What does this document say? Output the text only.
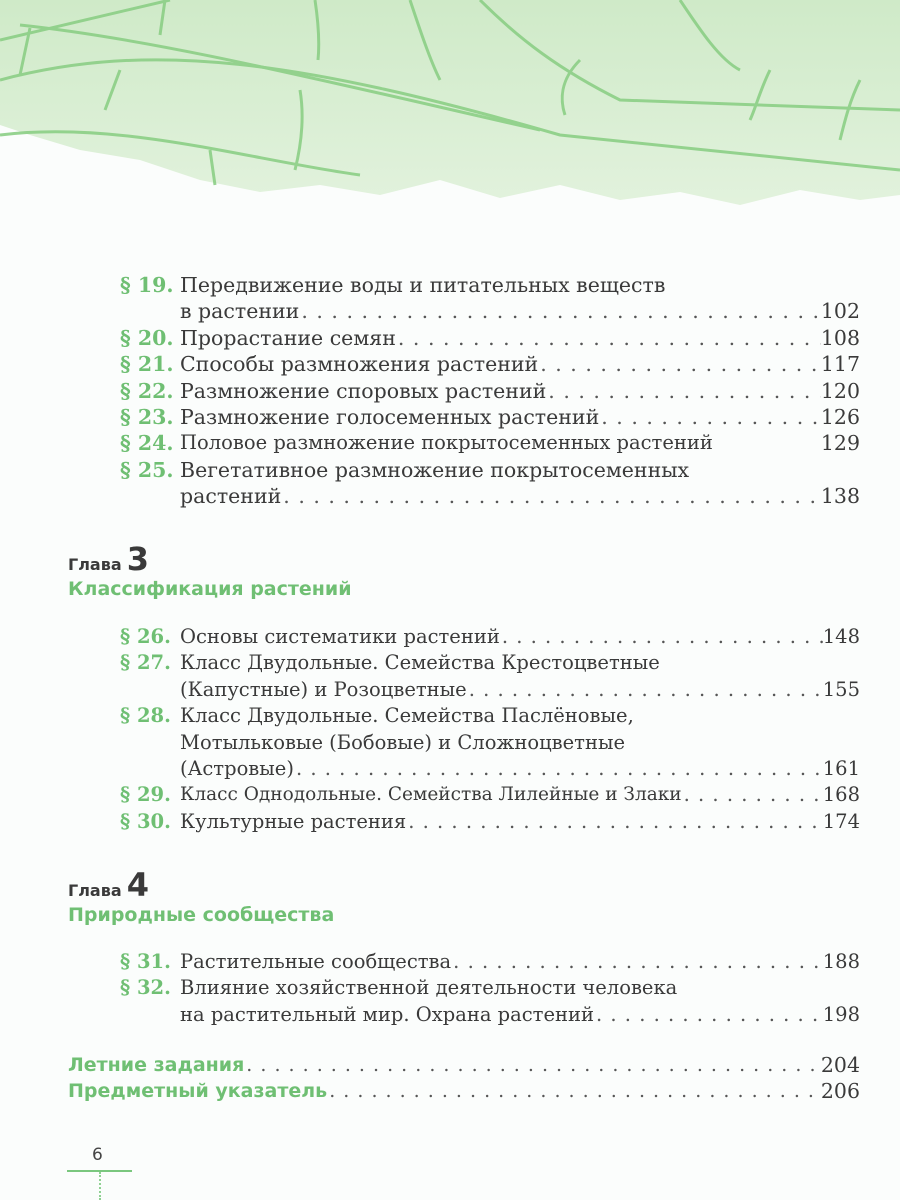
§ 19. Передвижение воды и питательных веществ
в растении . . .	102
§ 20. Прорастание семян . . .	108
§ 21. Способы размножения растений . . .	117
§ 22. Размножение споровых растений . . .	120
§ 23. Размножение голосеменных растений . . .	126
§ 24. Половое размножение покрытосеменных растений	129
§ 25. Вегетативное размножение покрытосеменных
растений . . .	138
Глава 3
Классификация растений
§ 26. Основы систематики растений . . .	148
§ 27. Класс Двудольные. Семейства Крестоцветные
(Капустные) и Розоцветные . . .	155
§ 28. Класс Двудольные. Семейства Паслёновые,
Мотыльковые (Бобовые) и Сложноцветные
(Астровые) . . .	161
§ 29. Класс Однодольные. Семейства Лилейные и Злаки . . .	168
§ 30. Культурные растения . . .	174
Глава 4
Природные сообщества
§ 31. Растительные сообщества . . .	188
§ 32. Влияние хозяйственной деятельности человека
на растительный мир. Охрана растений . . .	198
Летние задания . . .	204
Предметный указатель . . .	206
6
